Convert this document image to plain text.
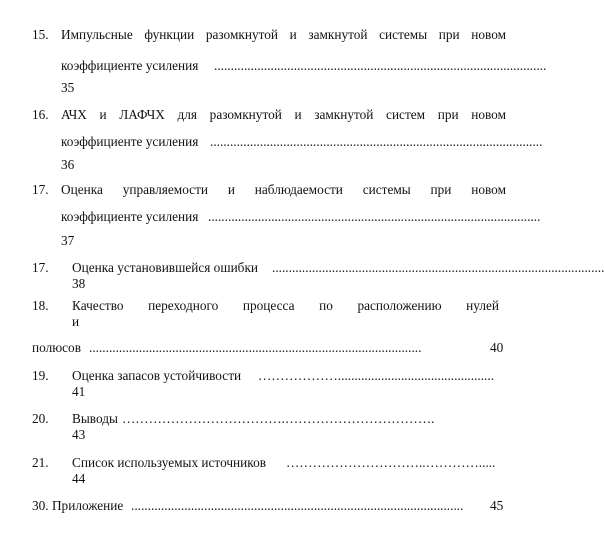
15. Импульсные функции разомкнутой и замкнутой системы при новом
коэффициенте усиления ....................................................................................................
35
16. АЧХ и ЛАФЧХ для разомкнутой и замкнутой систем при новом
коэффициенте усиления ....................................................................................................
36
17. Оценка управляемости и наблюдаемости системы при новом
коэффициенте усиления ....................................................................................................
37
17. Оценка установившейся ошибки ....................................................................................................
38
18. Качество переходного процесса по расположению нулей
и
полюсов ....................................................................................................	40
19. Оценка запасов устойчивости ………………...............................................
41
20. Выводы ……………………………….…………………………….
43
21. Список используемых источников …………………………..………….....
44
30. Приложение ....................................................................................................	45
